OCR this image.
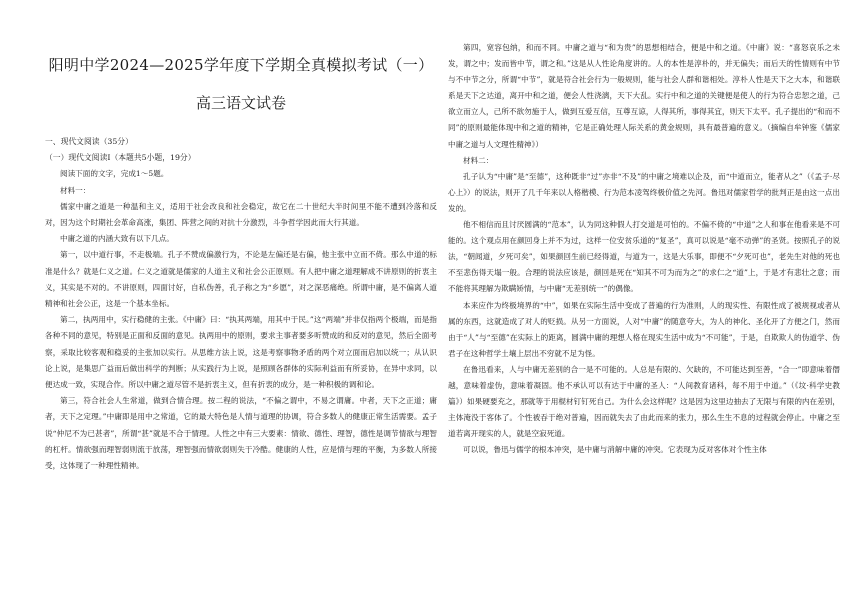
阳明中学2024—2025学年度下学期全真模拟考试（一）
高三语文试卷

一、现代文阅读（35分）

（一）现代文阅读Ⅰ（本题共5小题，19分）

阅读下面的文字，完成1～5题。

材料一：

儒家中庸之道是一种温和主义，适用于社会改良和社会稳定，故它在二十世纪大半时间里不能不遭到冷落和反对，因为这个时期社会革命高涨，集团、阵营之间的对抗十分激烈，斗争哲学因此而大行其道。

中庸之道的内涵大致有以下几点。

第一，以中道行事，不走极端。孔子不赞成偏激行为，不论是左偏还是右偏，他主张中立而不倚。那么中道的标准是什么？就是仁义之道。仁义之道就是儒家的人道主义和社会公正原则。有人把中庸之道理解成不讲原则的折衷主义，其实是不对的。不讲原则，四面讨好，自私伪善，孔子称之为“乡愿”，对之深恶痛绝。所谓中庸，是不偏离人道精神和社会公正，这是一个基本坐标。

第二，执两用中，实行稳健的主张。《中庸》曰：“执其两端，用其中于民。”这“两端”并非仅指两个极端，而是指各种不同的意见，特别是正面和反面的意见。执两用中的原则，要求主事者要多听赞成的和反对的意见，然后全面考察，采取比较客观和稳妥的主张加以实行。从思维方法上说，这是考察事物矛盾的两个对立面而启加以统一；从认识论上说，是集思广益而后做出科学的判断；从实践行为上说，是照顾各群体的实际利益而有所妥协，在异中求同，以便达成一致，实现合作。所以中庸之道尽管不是折衷主义，但有折衷的成分，是一种积极的调和论。

第三，符合社会人生常道，做到合情合理。按二程的说法，“不偏之谓中，不易之谓庸。中者，天下之正道；庸者，天下之定理。”中庸即是用中之常道，它的最大特色是人情与道理的协调，符合多数人的健康正常生活需要。孟子说“仲尼不为已甚者”，所谓“甚”就是不合于情理。人性之中有三大要素：情欲、德性、理智，德性是调节情欲与理智的杠杆。情欲强而理智弱则流于放荡，理智强而情欲弱则失于冷酷。健康的人性，应是情与理的平衡，为多数人所接受，这体现了一种理性精神。

第四，宽容包纳，和而不同。中庸之道与“和为贵”的思想相结合，便是中和之道。《中庸》说：“喜怒哀乐之未发，谓之中；发而皆中节，谓之和。”这是从人性论角度讲的。人的本性是淳朴的，并无偏失；而后天的性情则有中节与不中节之分，所谓“中节”，就是符合社会行为一般规则，能与社会人群和谐相处。淳朴人性是天下之大本，和谐联系是天下之达道，离开中和之道，便会人性浇漓，天下大乱。实行中和之道的关键便是使人的行为符合忠恕之道，己欲立而立人，己所不欲勿施于人，做到互爱互信，互尊互谅，人得其所，事得其宜，则天下太平。孔子提出的“和而不同”的原则最能体现中和之道的精神，它是正确处理人际关系的黄金规则，具有最普遍的意义。（摘编自牟钟鉴《儒家中庸之道与人文理性精神》）

材料二：

孔子认为“中庸”是“至德”，这种既非“过”亦非“不及”的中庸之境难以企及，而“中道而立，能者从之”（《孟子·尽心上》）的说法，则开了几千年来以人格楷模、行为范本凌驾终极价值之先河。鲁迅对儒家哲学的批判正是由这一点出发的。

他不相信而且讨厌圆满的“范本”，认为同这种假人打交道是可怕的。不偏不倚的“中道”之人和事在他看来是不可能的。这个观点用在颜回身上并不为过，这样一位安贫乐道的“复圣”，真可以说是“毫不动弹”的圣贤。按照孔子的说法，“朝闻道，夕死可矣”，如果颜回生前已经得道，与道为一，这是大乐事，即便不“夕死可也”，老先生对他的死也不至悲伤得天塌一般。合理的说法应该是，颜回是死在“知其不可为而为之”的求仁之“道”上，于是才有悲壮之意；而不能将其理解为欺瞒矫情，与中庸“无差别统一”的偶像。

本来应作为终极境界的“中”，如果在实际生活中变成了普遍的行为准则，人的现实性、有限性成了被规视或者从属的东西，这就造成了对人的贬损。从另一方面说，人对“中庸”的随意夸大，为人的神化、圣化开了方便之门，然而由于“人”与“至德”在实际上的距离，圆满中庸的理想人格在现实生活中成为“不可能”，于是，自欺欺人的伪道学、伪君子在这种哲学土壤上层出不穷就不足为怪。

在鲁迅看来，人与中庸无差别的合一是不可能的。人总是有限的、欠缺的，不可能达到至善，“合一”即意味着僭越，意味着虚伪，意味着凝固。他不承认可以有达于中庸的圣人：“人间教育诸科，每不用于中道。”（《坟·科学史教篇》）如果硬要充之，那就等于用棍材钉钉死自己。为什么会这样呢？这是因为这里边抽去了无限与有限的内在差别，主体淹没于客体了。个性被吞于绝对普遍，因而就失去了由此而来的张力，那么生生不息的过程就会停止。中庸之至道若离开现实的人，就是空寂死道。

可以说，鲁迅与儒学的根本冲突，是中庸与消解中庸的冲突。它表现为反对客体对个性主体
